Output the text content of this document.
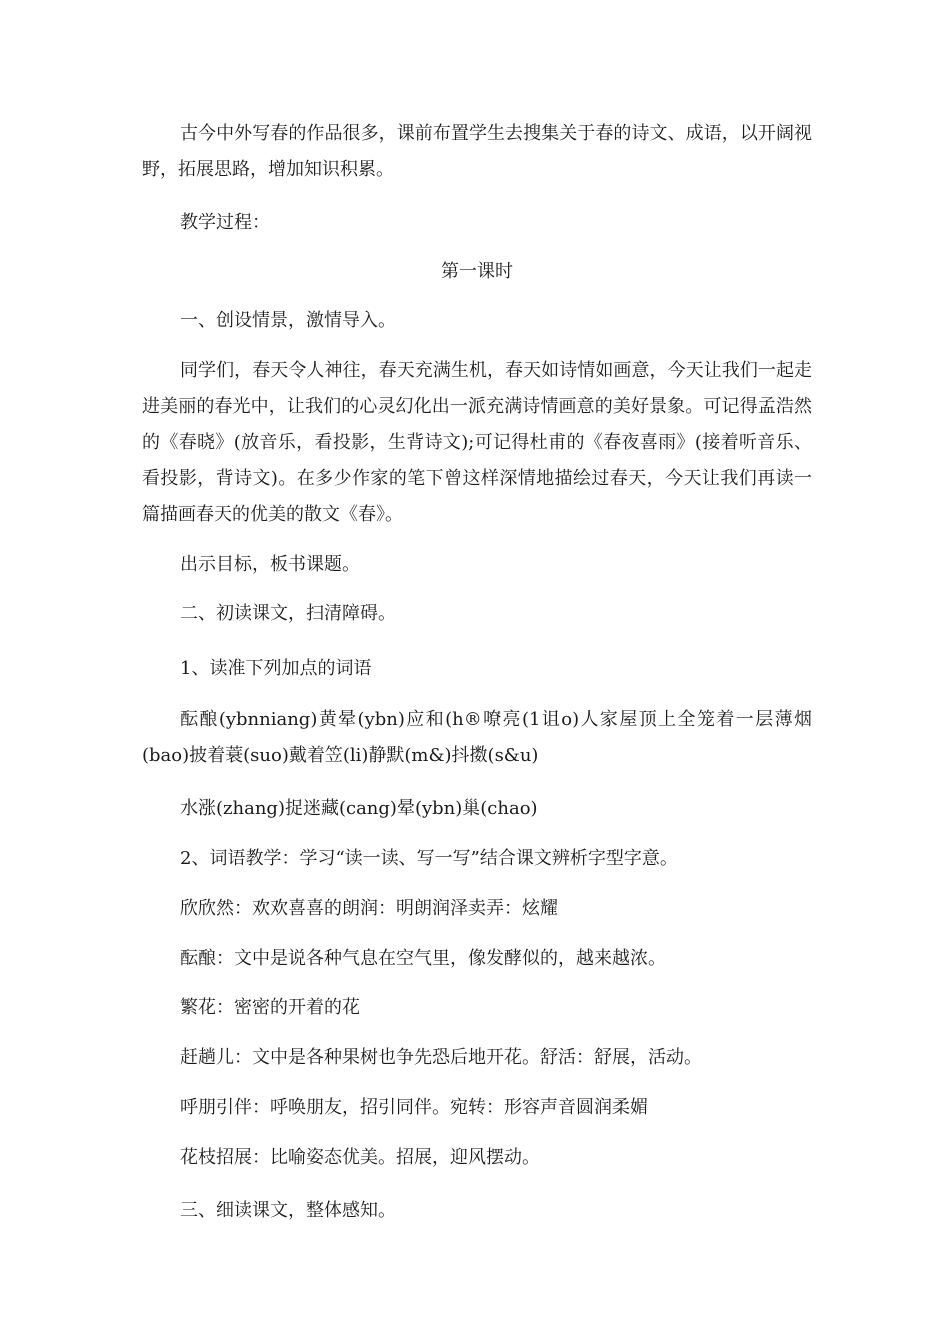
古今中外写春的作品很多，课前布置学生去搜集关于春的诗文、成语，以开阔视野，拓展思路，增加知识积累。

教学过程：

第一课时

一、创设情景，激情导入。

同学们，春天令人神往，春天充满生机，春天如诗情如画意，今天让我们一起走进美丽的春光中，让我们的心灵幻化出一派充满诗情画意的美好景象。可记得孟浩然的《春晓》(放音乐，看投影，生背诗文);可记得杜甫的《春夜喜雨》(接着听音乐、看投影，背诗文)。在多少作家的笔下曾这样深情地描绘过春天，今天让我们再读一篇描画春天的优美的散文《春》。

出示目标，板书课题。

二、初读课文，扫清障碍。

1、读准下列加点的词语

酝酿(ybnniang)黄晕(ybn)应和(h®嘹亮(1诅o)人家屋顶上全笼着一层薄烟(bao)披着蓑(suo)戴着笠(li)静默(m&)抖擞(s&u)

水涨(zhang)捉迷藏(cang)晕(ybn)巢(chao)

2、词语教学：学习“读一读、写一写”结合课文辨析字型字意。

欣欣然：欢欢喜喜的朗润：明朗润泽卖弄：炫耀

酝酿：文中是说各种气息在空气里，像发酵似的，越来越浓。

繁花：密密的开着的花

赶趟儿：文中是各种果树也争先恐后地开花。舒活：舒展，活动。

呼朋引伴：呼唤朋友，招引同伴。宛转：形容声音圆润柔媚

花枝招展：比喻姿态优美。招展，迎风摆动。

三、细读课文，整体感知。
